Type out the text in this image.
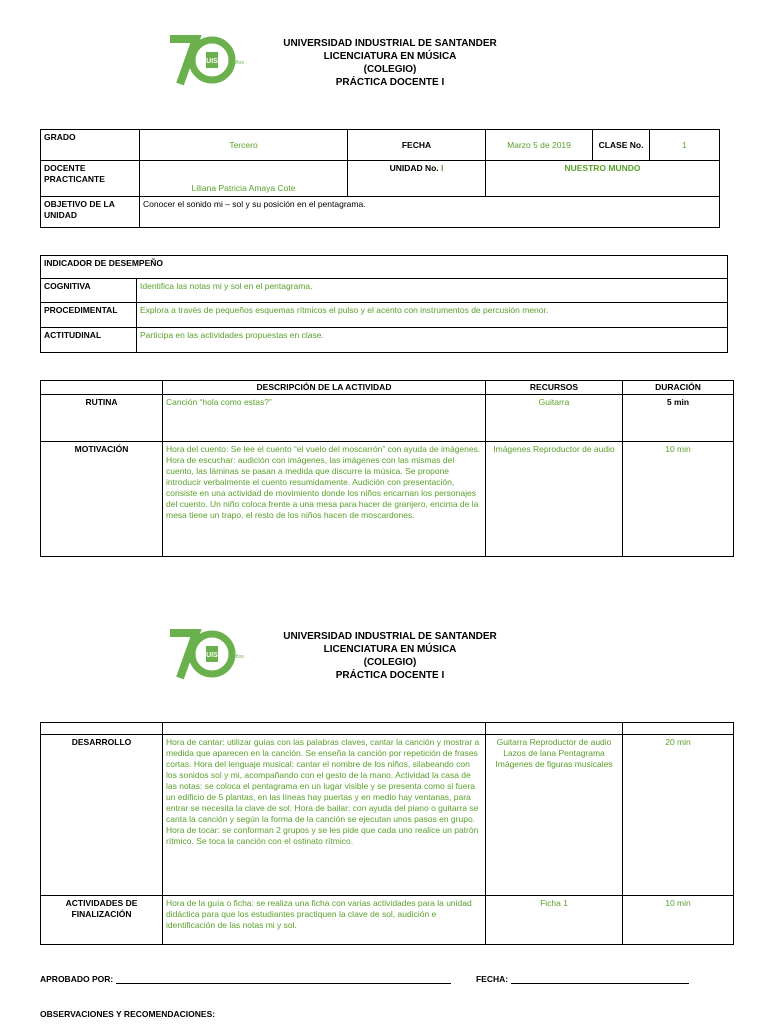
UIS	años
UNIVERSIDAD INDUSTRIAL DE SANTANDER
LICENCIATURA EN MÚSICA
(COLEGIO)
PRÁCTICA DOCENTE I
GRADO	Tercero	FECHA	Marzo 5 de 2019	CLASE No.	1
DOCENTE PRACTICANTE	Liliana Patricia Amaya Cote	UNIDAD No. I	NUESTRO MUNDO		
OBJETIVO DE LA UNIDAD	Conocer el sonido mi – sol y su posición en el pentagrama.				
INDICADOR DE DESEMPEÑO	
COGNITIVA	Identifica las notas mi y sol en el pentagrama.
PROCEDIMENTAL	Explora a través de pequeños esquemas rítmicos el pulso y el acento con instrumentos de percusión menor.
ACTITUDINAL	Participa en las actividades propuestas en clase.
	DESCRIPCIÓN DE LA ACTIVIDAD	RECURSOS	DURACIÓN
RUTINA	Canción “hola como estas?”	Guitarra	5 min
MOTIVACIÓN	Hora del cuento: Se lee el cuento “el vuelo del moscarrón” con ayuda de imágenes. Hora de escuchar: audición con imágenes, las imágenes con las mismas del cuento, las láminas se pasan a medida que discurre la música. Se propone introducir verbalmente el cuento resumidamente. Audición con presentación, consiste en una actividad de movimiento donde los niños encarnan los personajes del cuento. Un niño coloca frente a una mesa para hacer de granjero, encima de la mesa tiene un trapo, el resto de los niños hacen de moscardones.	Imágenes Reproductor de audio	10 min
UIS	años
UNIVERSIDAD INDUSTRIAL DE SANTANDER
LICENCIATURA EN MÚSICA
(COLEGIO)
PRÁCTICA DOCENTE I

DESARROLLO	Hora de cantar: utilizar guías con las palabras claves, cantar la canción y mostrar a medida que aparecen en la canción. Se enseña la canción por repetición de frases cortas. Hora del lenguaje musical: cantar el nombre de los niños, silabeando con los sonidos sol y mi, acompañando con el gesto de la mano. Actividad la casa de las notas: se coloca el pentagrama en un lugar visible y se presenta como si fuera un edificio de 5 plantas, en las líneas hay puertas y en medio hay ventanas, para entrar se necesita la clave de sol. Hora de bailar: con ayuda del piano o guitarra se canta la canción y según la forma de la canción se ejecutan unos pasos en grupo. Hora de tocar: se conforman 2 grupos y se les pide que cada uno realice un patrón rítmico. Se toca la canción con el ostinato rítmico.	Guitarra Reproductor de audio Lazos de lana Pentagrama Imágenes de figuras musicales	20 min
ACTIVIDADES DE FINALIZACIÓN	Hora de la guía o ficha: se realiza una ficha con varias actividades para la unidad didáctica para que los estudiantes practiquen la clave de sol, audición e identificación de las notas mi y sol.	Ficha 1	10 min
APROBADO POR:	FECHA:
OBSERVACIONES Y RECOMENDACIONES:
